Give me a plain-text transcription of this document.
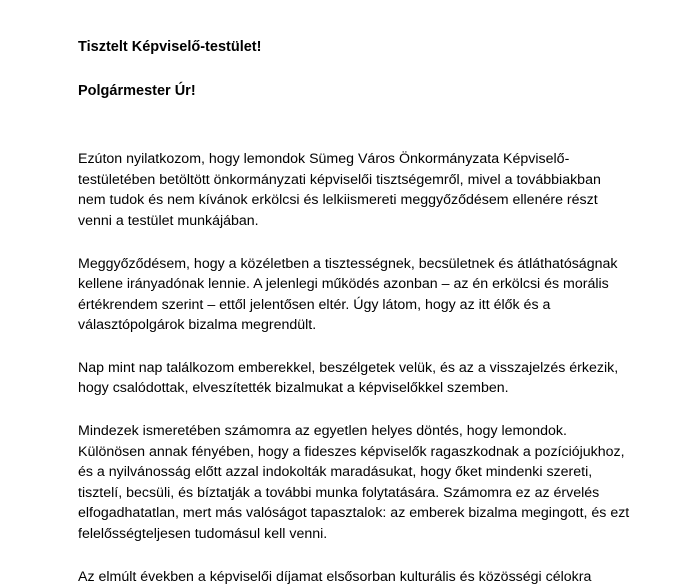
Tisztelt Képviselő-testület!

Polgármester Úr!

Ezúton nyilatkozom, hogy lemondok Sümeg Város Önkormányzata Képviselő-testületében betöltött önkormányzati képviselői tisztségemről, mivel a továbbiakban nem tudok és nem kívánok erkölcsi és lelkiismereti meggyőződésem ellenére részt venni a testület munkájában.

Meggyőződésem, hogy a közéletben a tisztességnek, becsületnek és átláthatóságnak kellene irányadónak lennie. A jelenlegi működés azonban – az én erkölcsi és morális értékrendem szerint – ettől jelentősen eltér. Úgy látom, hogy az itt élők és a választópolgárok bizalma megrendült.

Nap mint nap találkozom emberekkel, beszélgetek velük, és az a visszajelzés érkezik, hogy csalódottak, elveszítették bizalmukat a képviselőkkel szemben.

Mindezek ismeretében számomra az egyetlen helyes döntés, hogy lemondok. Különösen annak fényében, hogy a fideszes képviselők ragaszkodnak a pozíciójukhoz, és a nyilvánosság előtt azzal indokolták maradásukat, hogy őket mindenki szereti, tisztelí, becsüli, és bíztatják a további munka folytatására. Számomra ez az érvelés elfogadhatatlan, mert más valóságot tapasztalok: az emberek bizalma megingott, és ezt felelősségteljesen tudomásul kell venni.

Az elmúlt években a képviselői díjamat elsősorban kulturális és közösségi célokra
